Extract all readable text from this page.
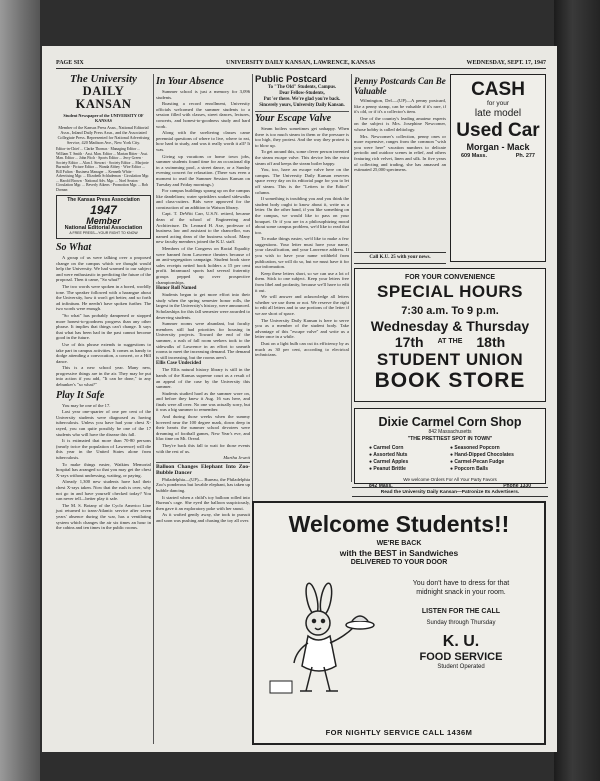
PAGE SIX	UNIVERSITY DAILY KANSAN, LAWRENCE, KANSAS	WEDNESDAY, SEPT. 17, 1947
The University
DAILY KANSAN
Student Newspaper of the UNIVERSITY OF KANSAS
Member of the Kansas Press Assn., National Editorial Assn., Inland Daily Press Assn., and the Associated Collegiate Press. Represented for National Advertising Service, 420 Madison Ave., New York City.
Editor-in-Chief ... Clarke Thomas · Managing Editor ... William T. Smith · Asst. Man. Editor ... Marian Ritter · Asst. Man. Editor ... John Fitch · Sports Editor ... Jerry Green · Society Editor ... Alan J. Stewart · Society Editor ... Marjorie Burnside · Picture Editor ... Wanda Abbey · Wire Editor ... Bill Fulton · Business Manager ... Kenneth White · Advertising Mgr. ... Elizabeth Schlademan · Circulation Mgr. ... Harold Brown · National Adv. Mgr. ... Noel Seaton · Circulation Mgr. ... Beverly Aikens · Promotion Mgr. ... Bob Dornan
The Kansas Press Association
1947
Member
National Editorial Association
A FREE PRESS—YOUR RIGHT TO KNOW
So What

A group of us were talking over a proposed change on the campus which we thought would help the University. We had warmed to our subject and were enthusiastic in predicting the future of the proposal. Then it came, "So what?"

The two words were spoken in a bored, worldly tone. The speaker followed with a harangue about the University, how it won't get better, and so forth ad infinitum. He needn't have spoken further. The two words were enough.

"So what" has probably dampened or stopped more honest-to-goodness progress than any other phrase. It implies that things can't change. It says that what has been had in the past cannot become good in the future.

Use of this phrase extends to suggestions to take part in campus activities. It comes as handy to dodge attending a convocation, a concert, or a Hill dance.

This is a new school year. Many new, progressive things are in the air. They may be put into action if you add, "It can be done," to any debunker's "so what?"

Play It Safe

You may be one of the 17.

Last year one-quarter of one per cent of the University students were diagnosed as having tuberculosis. Unless you have had your chest X-rayed, you can quite possibly be one of the 17 students who will have the disease this fall.

It is estimated that more than 70-80 persons (nearly twice the population of Lawrence) will die this year in the United States alone from tuberculosis.

To make things easier, Watkins Memorial hospital has arranged so that you may get the chest X-rays without undressing, waiting, or paying.

Already 1,300 new students have had their chest X-rays taken. Now that the rush is over, why not go in and have yourself checked today? You can never tell—better play it safe.

The M. S. Botany of the Cyclo Americo Line just returned to trans-Atlantic service after seven years' absence during the war, has a ventilating system which changes the air six times an hour in the cabins and ten times in the public rooms.

In Your Absence

Summer school is just a memory for 3,096 students.

Boasting a record enrollment, University officials welcomed the summer students to a session filled with classes, street dances, lectures, concerts, and honest-to-goodness study and hard work.

Along with the sweltering classes came perennial questions of where to live, where to eat, how hard to study, and was it really worth it all? It was.

Giving up vacations or home town jobs, summer students found time for an occasional dip in a swimming pool, a street dance, or a Sunday evening concert for relaxation. (There was even a moment to read the Summer Session Kansan on Tuesday and Friday mornings.)

For campus buildings sprang up on the campus like dandelions; water sprinklers soaked sidewalks and class-cutters. Bids were approved for the construction of an addition to Watson library.

Capt. T. DeWitt Carr, U.S.N. retired, became dean of the school of Engineering and Architecture. Dr. Leonard H. Axe, professor of business law and assistant to the chancellor, was named acting dean of the business school. Many new faculty members joined the K.U. staff.

Members of the Congress on Racial Equality were banned from Lawrence theaters because of an anti-segregation campaign. Student book store sales receipts netted book holders a 15 per cent profit. Intramural sports had several fraternity groups pepped up over prospective championships.

Honor Roll Named

Students began to get more effort into their study when the spring semester honor rolls, the largest in the University's history, were announced. Scholarships for this fall semester were awarded to deserving students.

Summer rooms were abundant, but faculty members still had priorities for housing in University projects. Toward the end of the summer, a rush of fall room seekers took to the sidewalks of Lawrence in an effort to unearth rooms to meet the increasing demand. The demand is still increasing, but the rooms aren't.

Ellis Case Undecided

The Ellis natural history library is still in the hands of the Kansas supreme court as a result of an appeal of the case by the University this summer.

Students studied hard as the summer wore on, and before they knew it Aug. 16 was here, and finals were all over. No one was actually sorry, but it was a big summer to remember.

And during those weeks when the summy hovered near the 100 degree mark, down deep in their hearts the summer school devotees were dreaming of football games, New Year's eve, and lilac time on Mt. Oread.

They're back this fall to wait for those events with the rest of us.

Martha Jewett
Balloon Changes Elephant Into Zoo-Bubble Dancer

Philadelphia—(UP)— Bureau, the Philadelphia Zoo's ponderous but lovable elephant, has taken up bubble dancing.

It started when a child's toy balloon rolled into Bureau's cage. She eyed the balloon suspiciously, then gave it an exploratory poke with her snout.

As it wafted gently away, she took to pursuit and soon was pushing and chasing the toy all over.

Public Postcard
To "The Old" Students, Campus.
Dear Fellow-Students,
Put 'er there. We're glad you're back.
Sincerely yours, University Daily Kansan.
Your Escape Valve

Steam boilers sometimes get unhappy. When there is too much steam in them or the pressure is too high, they protest. And the way they protest is to blow up.

To get around this, some clever person invented the steam escape valve. This device lets the extra steam off and keeps the steam boiler happy.

You, too, have an escape valve here on the campus. The University Daily Kansan reserves space every day on its editorial page for you to let off steam. This is the "Letters to the Editor" column.

If something is troubling you and you think the student body ought to know about it, write us a letter. On the other hand, if you like something on the campus, we would like to pass on your bouquet. Or if you are in a philosophizing mood about some campus problem, we'd like to read that too.

To make things easier, we'd like to make a few suggestions. Your letter must have your name, your classification, and your Lawrence address. If you wish to have your name withheld from publication, we will do so, but we must have it for our information.

Keep these letters short, so we can use a lot of them. Stick to one subject. Keep your letters free from libel and profanity, because we'll have to edit it out.

We will answer and acknowledge all letters whether we use them or not. We reserve the right to edit all letters and to use portions of the letter if we are short of space.

The University Daily Kansan is here to serve you as a member of the student body. Take advantage of this "escape valve" and write us a letter once in a while.

Dust on a light bulb can cut its efficiency by as much as 30 per cent, according to electrical technicians.

Penny Postcards Can Be Valuable

Wilmington, Del.—(UP)—A penny postcard, like a penny stamp, can be valuable if it's rare, if it's old, or if it's a collector's item.

One of the country's leading amateur experts on the subject is Mrs. Josephine Newcomer, whose hobby is called deltiology.

Mrs. Newcomer's collection, penny ones or more expensive, ranges from the common "wish you were here" vacation numbers to delicate periodic and outdoor scenes in relief, and others featuring rich velvet, linen and silk. In five years of collecting and trading, she has amassed an estimated 25,000 specimens.

Call K.U. 25 with your news.
CASH
for your
late model
Used Car
Morgan - Mack
609 Mass.	Ph. 277
FOR YOUR CONVENIENCE
SPECIAL HOURS
7:30 a.m. To 9 p.m.
Wednesday & Thursday
17th AT THE 18th
STUDENT UNION
BOOK STORE
Dixie Carmel Corn Shop
842 Massachusetts
"THE PRETTIEST SPOT IN TOWN"
● Carmel Corn	● Seasoned Popcorn
● Assorted Nuts	● Hand-Dipped Chocolates
● Carmel Apples	● Carmel-Pecan Fudge
● Peanut Brittle	● Popcorn Balls
We welcome Orders For All Your Party Favors
842 Mass.	Phone 1330
Read the University Daily Kansan—Patronize Its Advertisers.
Welcome Students!!
WE'RE BACK
with the BEST in Sandwiches
DELIVERED TO YOUR DOOR
You don't have to dress for that midnight snack in your room.
LISTEN FOR THE CALL
Sunday through Thursday
K. U.
FOOD SERVICE
Student Operated
FOR NIGHTLY SERVICE CALL 1436M
